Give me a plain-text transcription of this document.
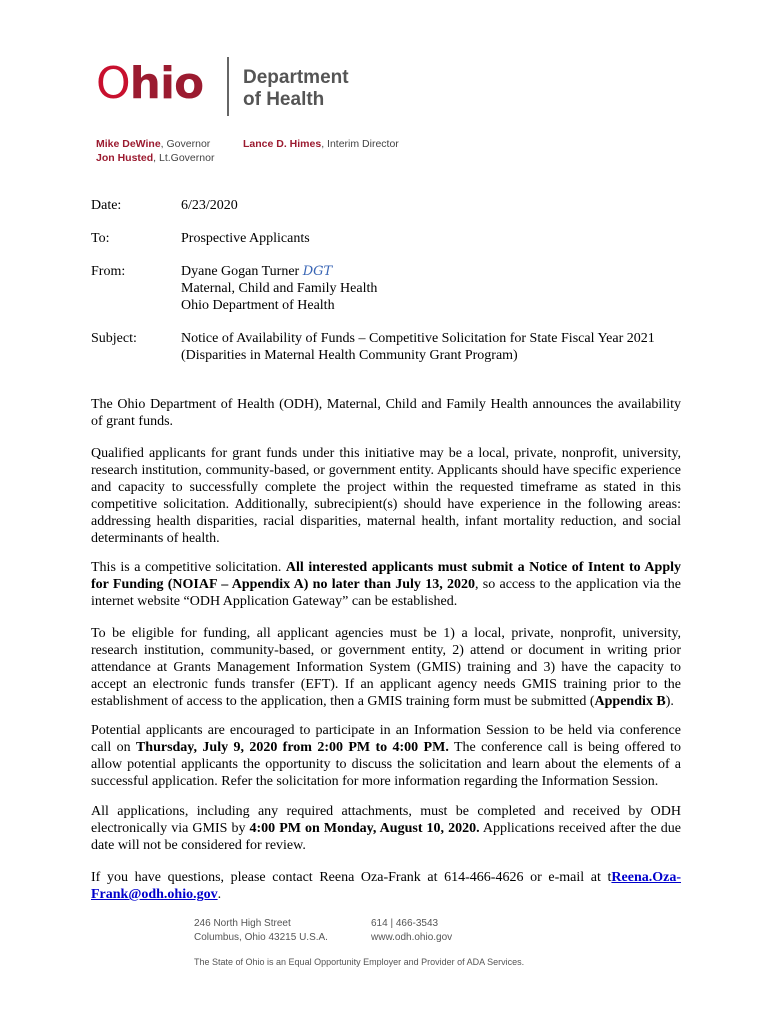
Ohio Department
of Health
Mike DeWine, Governor
Jon Husted, Lt.Governor
Lance D. Himes, Interim Director
Date:	6/23/2020
To:	Prospective Applicants
From:	Dyane Gogan Turner DGT
Maternal, Child and Family Health
Ohio Department of Health
Subject:	Notice of Availability of Funds – Competitive Solicitation for State Fiscal Year 2021
(Disparities in Maternal Health Community Grant Program)
The Ohio Department of Health (ODH), Maternal, Child and Family Health announces the availability of grant funds.
Qualified applicants for grant funds under this initiative may be a local, private, nonprofit, university, research institution, community-based, or government entity. Applicants should have specific experience and capacity to successfully complete the project within the requested timeframe as stated in this competitive solicitation. Additionally, subrecipient(s) should have experience in the following areas: addressing health disparities, racial disparities, maternal health, infant mortality reduction, and social determinants of health.
This is a competitive solicitation. All interested applicants must submit a Notice of Intent to Apply for Funding (NOIAF – Appendix A) no later than July 13, 2020, so access to the application via the internet website “ODH Application Gateway” can be established.
To be eligible for funding, all applicant agencies must be 1) a local, private, nonprofit, university, research institution, community-based, or government entity, 2) attend or document in writing prior attendance at Grants Management Information System (GMIS) training and 3) have the capacity to accept an electronic funds transfer (EFT). If an applicant agency needs GMIS training prior to the establishment of access to the application, then a GMIS training form must be submitted (Appendix B).
Potential applicants are encouraged to participate in an Information Session to be held via conference call on Thursday, July 9, 2020 from 2:00 PM to 4:00 PM. The conference call is being offered to allow potential applicants the opportunity to discuss the solicitation and learn about the elements of a successful application. Refer the solicitation for more information regarding the Information Session.
All applications, including any required attachments, must be completed and received by ODH electronically via GMIS by 4:00 PM on Monday, August 10, 2020. Applications received after the due date will not be considered for review.
If you have questions, please contact Reena Oza-Frank at 614-466-4626 or e-mail at tReena.Oza-Frank@odh.ohio.gov.
246 North High Street
Columbus, Ohio 43215 U.S.A.
614 | 466-3543
www.odh.ohio.gov
The State of Ohio is an Equal Opportunity Employer and Provider of ADA Services.
